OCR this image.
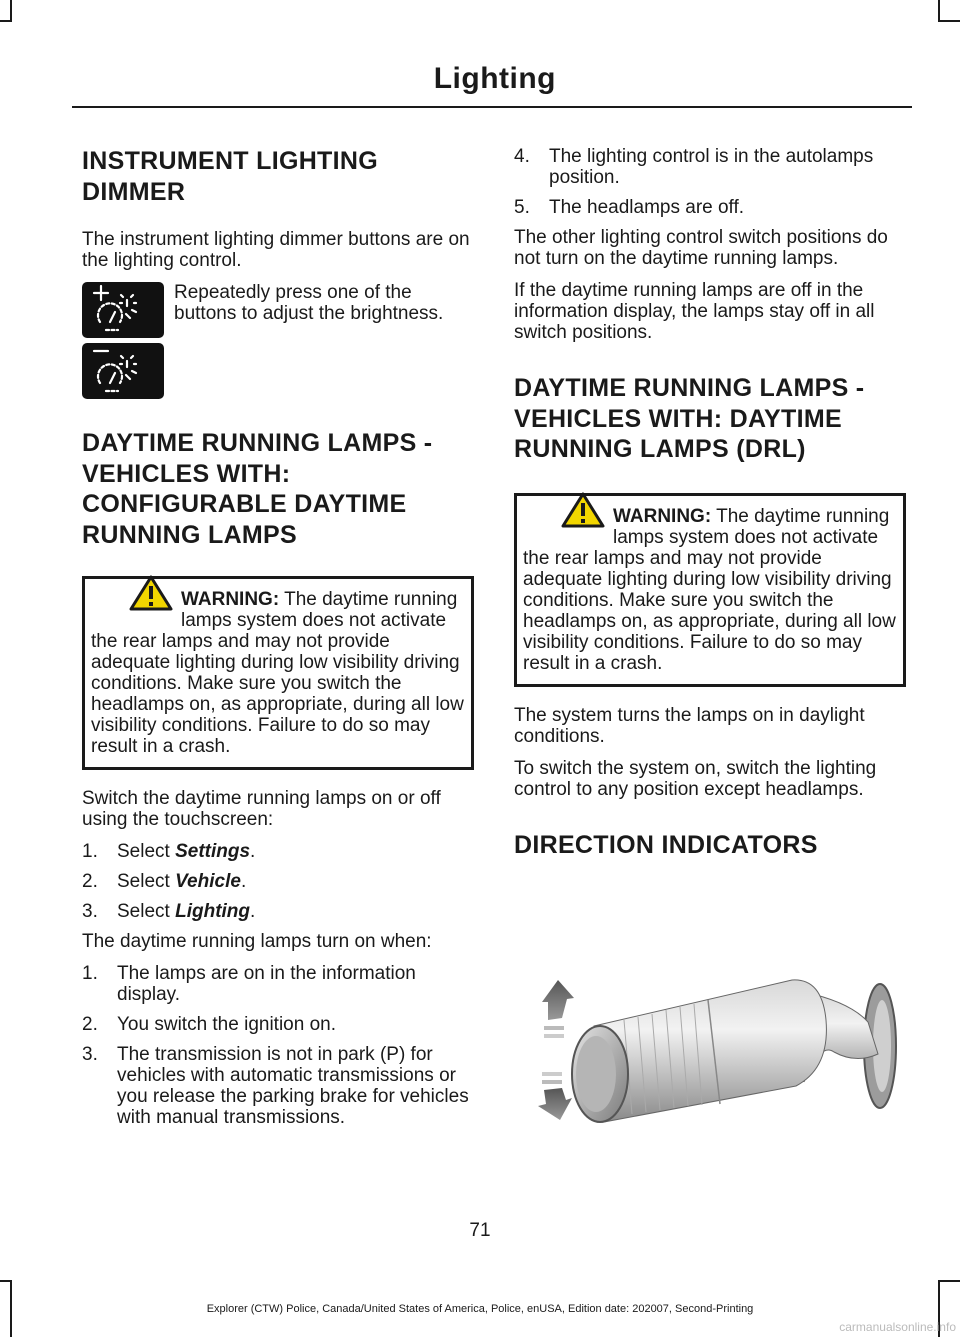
Lighting
INSTRUMENT LIGHTING DIMMER

The instrument lighting dimmer buttons are on the lighting control.

Repeatedly press one of the buttons to adjust the brightness.
DAYTIME RUNNING LAMPS - VEHICLES WITH: CONFIGURABLE DAYTIME RUNNING LAMPS
WARNING: The daytime running lamps system does not activate the rear lamps and may not provide adequate lighting during low visibility driving conditions. Make sure you switch the headlamps on, as appropriate, during all low visibility conditions. Failure to do so may result in a crash.

Switch the daytime running lamps on or off using the touchscreen:

1.	Select Settings.
2.	Select Vehicle.
3.	Select Lighting.

The daytime running lamps turn on when:

1.	The lamps are on in the information display.
2.	You switch the ignition on.
3.	The transmission is not in park (P) for vehicles with automatic transmissions or you release the parking brake for vehicles with manual transmissions.
4.	The lighting control is in the autolamps position.
5.	The headlamps are off.

The other lighting control switch positions do not turn on the daytime running lamps.

If the daytime running lamps are off in the information display, the lamps stay off in all switch positions.

DAYTIME RUNNING LAMPS - VEHICLES WITH: DAYTIME RUNNING LAMPS (DRL)
WARNING: The daytime running lamps system does not activate the rear lamps and may not provide adequate lighting during low visibility driving conditions. Make sure you switch the headlamps on, as appropriate, during all low visibility conditions. Failure to do so may result in a crash.

The system turns the lamps on in daylight conditions.

To switch the system on, switch the lighting control to any position except headlamps.

DIRECTION INDICATORS
71
Explorer (CTW) Police, Canada/United States of America, Police, enUSA, Edition date: 202007, Second-Printing
carmanualsonline.info
